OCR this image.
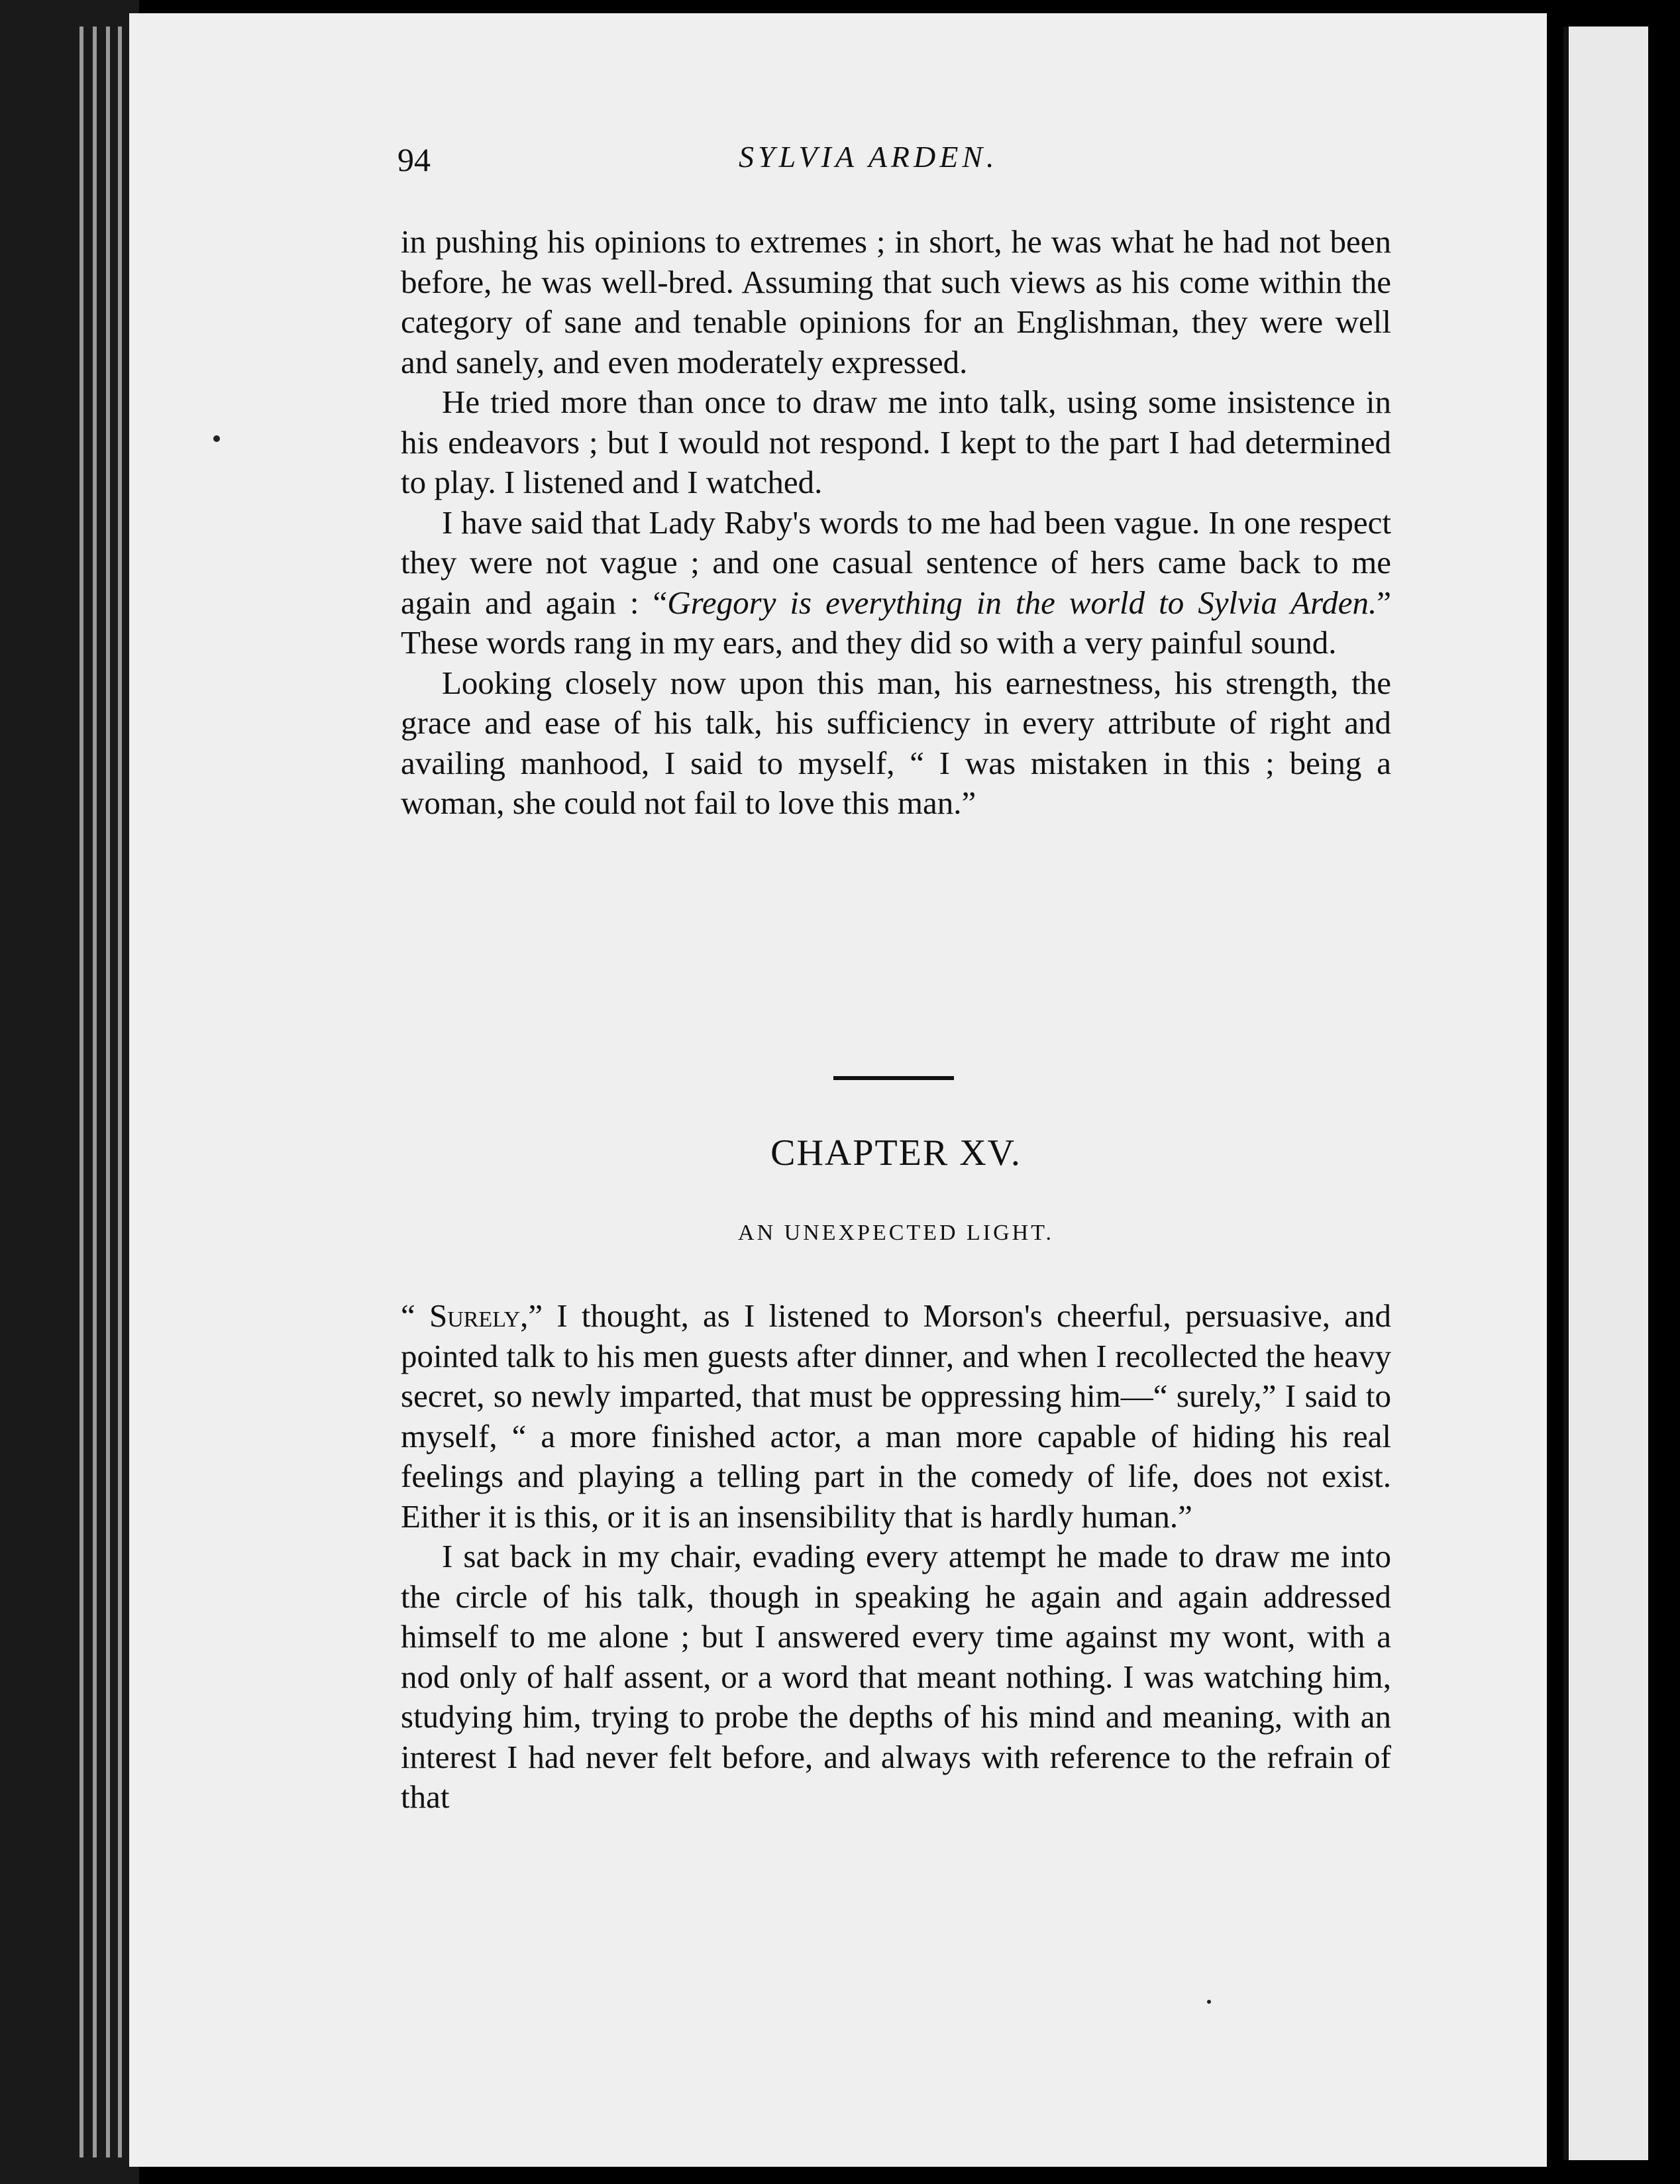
94	SYLVIA ARDEN.

in pushing his opinions to extremes ; in short, he was what he had not been before, he was well-bred. Assuming that such views as his come within the category of sane and tenable opinions for an Englishman, they were well and sanely, and even moderately expressed.

He tried more than once to draw me into talk, using some insistence in his endeavors ; but I would not respond. I kept to the part I had determined to play. I listened and I watched.

I have said that Lady Raby's words to me had been vague. In one respect they were not vague ; and one casual sentence of hers came back to me again and again : “Gregory is everything in the world to Sylvia Arden.” These words rang in my ears, and they did so with a very painful sound.

Looking closely now upon this man, his earnestness, his strength, the grace and ease of his talk, his sufficiency in every attribute of right and availing manhood, I said to myself, “ I was mistaken in this ; being a woman, she could not fail to love this man.”

CHAPTER XV.
AN UNEXPECTED LIGHT.

“ Surely,” I thought, as I listened to Morson's cheerful, persuasive, and pointed talk to his men guests after dinner, and when I recollected the heavy secret, so newly imparted, that must be oppressing him—“ surely,” I said to myself, “ a more finished actor, a man more capable of hiding his real feelings and playing a telling part in the comedy of life, does not exist. Either it is this, or it is an insensibility that is hardly human.”

I sat back in my chair, evading every attempt he made to draw me into the circle of his talk, though in speaking he again and again addressed himself to me alone ; but I answered every time against my wont, with a nod only of half assent, or a word that meant nothing. I was watching him, studying him, trying to probe the depths of his mind and meaning, with an interest I had never felt before, and always with reference to the refrain of that
